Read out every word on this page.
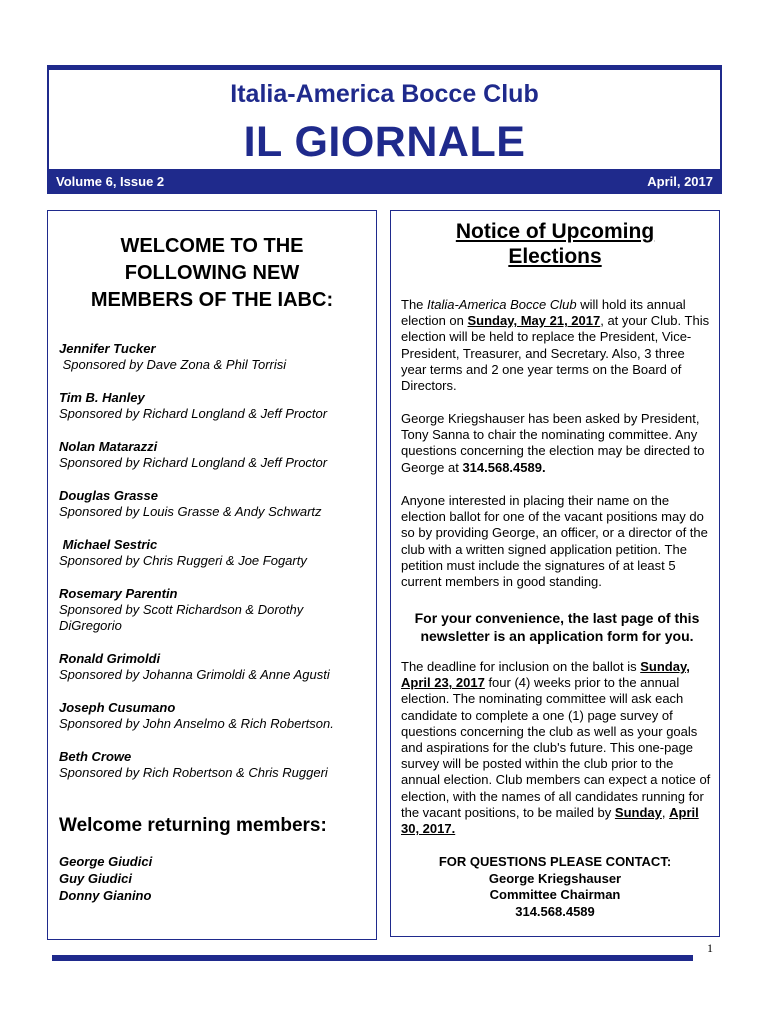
Italia-America Bocce Club
IL GIORNALE
Volume 6, Issue 2	April, 2017
WELCOME TO THE
FOLLOWING NEW
MEMBERS OF THE IABC:
Jennifer Tucker
Sponsored by Dave Zona & Phil Torrisi
Tim B. Hanley
Sponsored by Richard Longland & Jeff Proctor
Nolan Matarazzi
Sponsored by Richard Longland & Jeff Proctor
Douglas Grasse
Sponsored by Louis Grasse & Andy Schwartz
Michael Sestric
Sponsored by Chris Ruggeri & Joe Fogarty
Rosemary Parentin
Sponsored by Scott Richardson & Dorothy DiGregorio
Ronald Grimoldi
Sponsored by Johanna Grimoldi & Anne Agusti
Joseph Cusumano
Sponsored by John Anselmo & Rich Robertson.
Beth Crowe
Sponsored by Rich Robertson & Chris Ruggeri
Welcome returning members:
George Giudici
Guy Giudici
Donny Gianino
Notice of Upcoming
Elections
The Italia-America Bocce Club will hold its annual election on Sunday, May 21, 2017, at your Club. This election will be held to replace the President, Vice-President, Treasurer, and Secretary. Also, 3 three year terms and 2 one year terms on the Board of Directors.
George Kriegshauser has been asked by President, Tony Sanna to chair the nominating committee. Any questions concerning the election may be directed to George at 314.568.4589.
Anyone interested in placing their name on the election ballot for one of the vacant positions may do so by providing George, an officer, or a director of the club with a written signed application petition. The petition must include the signatures of at least 5 current members in good standing.
For your convenience, the last page of this newsletter is an application form for you.
The deadline for inclusion on the ballot is Sunday, April 23, 2017 four (4) weeks prior to the annual election. The nominating committee will ask each candidate to complete a one (1) page survey of questions concerning the club as well as your goals and aspirations for the club's future. This one-page survey will be posted within the club prior to the annual election. Club members can expect a notice of election, with the names of all candidates running for the vacant positions, to be mailed by Sunday, April 30, 2017.
FOR QUESTIONS PLEASE CONTACT:
George Kriegshauser
Committee Chairman
314.568.4589
1
